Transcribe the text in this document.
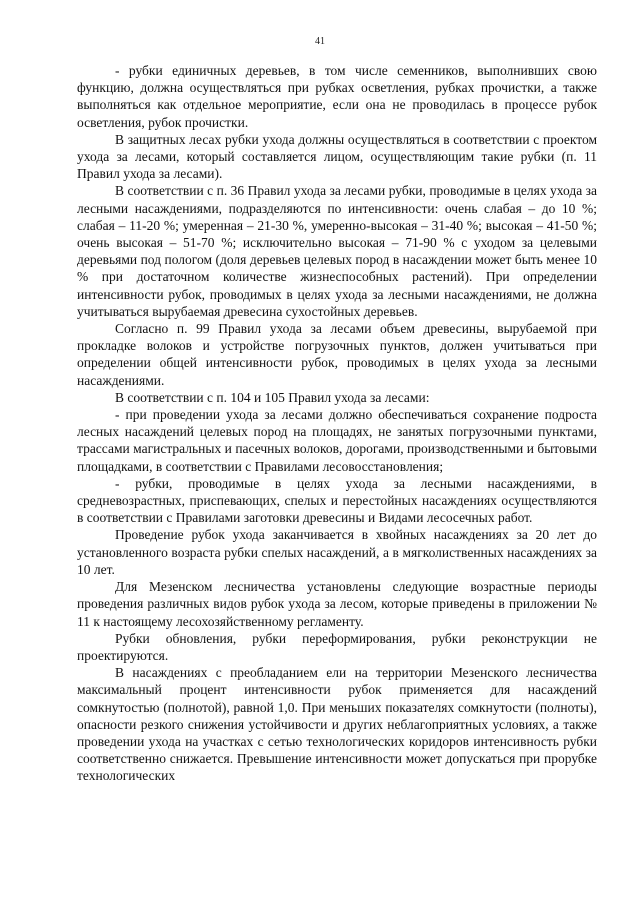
41

- рубки единичных деревьев, в том числе семенников, выполнивших свою функцию, должна осуществляться при рубках осветления, рубках прочистки, а также выполняться как отдельное мероприятие, если она не проводилась в процессе рубок осветления, рубок прочистки.

В защитных лесах рубки ухода должны осуществляться в соответствии с проектом ухода за лесами, который составляется лицом, осуществляющим такие рубки (п. 11 Правил ухода за лесами).

В соответствии с п. 36 Правил ухода за лесами рубки, проводимые в целях ухода за лесными насаждениями, подразделяются по интенсивности: очень слабая – до 10 %; слабая – 11-20 %; умеренная – 21-30 %, умеренно-высокая – 31-40 %; высокая – 41-50 %; очень высокая – 51-70 %; исключительно высокая – 71-90 % с уходом за целевыми деревьями под пологом (доля деревьев целевых пород в насаждении может быть менее 10 % при достаточном количестве жизнеспособных растений). При определении интенсивности рубок, проводимых в целях ухода за лесными насаждениями, не должна учитываться вырубаемая древесина сухостойных деревьев.

Согласно п. 99 Правил ухода за лесами объем древесины, вырубаемой при прокладке волоков и устройстве погрузочных пунктов, должен учитываться при определении общей интенсивности рубок, проводимых в целях ухода за лесными насаждениями.

В соответствии с п. 104 и 105 Правил ухода за лесами:

- при проведении ухода за лесами должно обеспечиваться сохранение подроста лесных насаждений целевых пород на площадях, не занятых погрузочными пунктами, трассами магистральных и пасечных волоков, дорогами, производственными и бытовыми площадками, в соответствии с Правилами лесовосстановления;

- рубки, проводимые в целях ухода за лесными насаждениями, в средневозрастных, приспевающих, спелых и перестойных насаждениях осуществляются в соответствии с Правилами заготовки древесины и Видами лесосечных работ.

Проведение рубок ухода заканчивается в хвойных насаждениях за 20 лет до установленного возраста рубки спелых насаждений, а в мягколиственных насаждениях за 10 лет.

Для Мезенском лесничества установлены следующие возрастные периоды проведения различных видов рубок ухода за лесом, которые приведены в приложении № 11 к настоящему лесохозяйственному регламенту.

Рубки обновления, рубки переформирования, рубки реконструкции не проектируются.

В насаждениях с преобладанием ели на территории Мезенского лесничества максимальный процент интенсивности рубок применяется для насаждений сомкнутостью (полнотой), равной 1,0. При меньших показателях сомкнутости (полноты), опасности резкого снижения устойчивости и других неблагоприятных условиях, а также проведении ухода на участках с сетью технологических коридоров интенсивность рубки соответственно снижается. Превышение интенсивности может допускаться при прорубке технологических
